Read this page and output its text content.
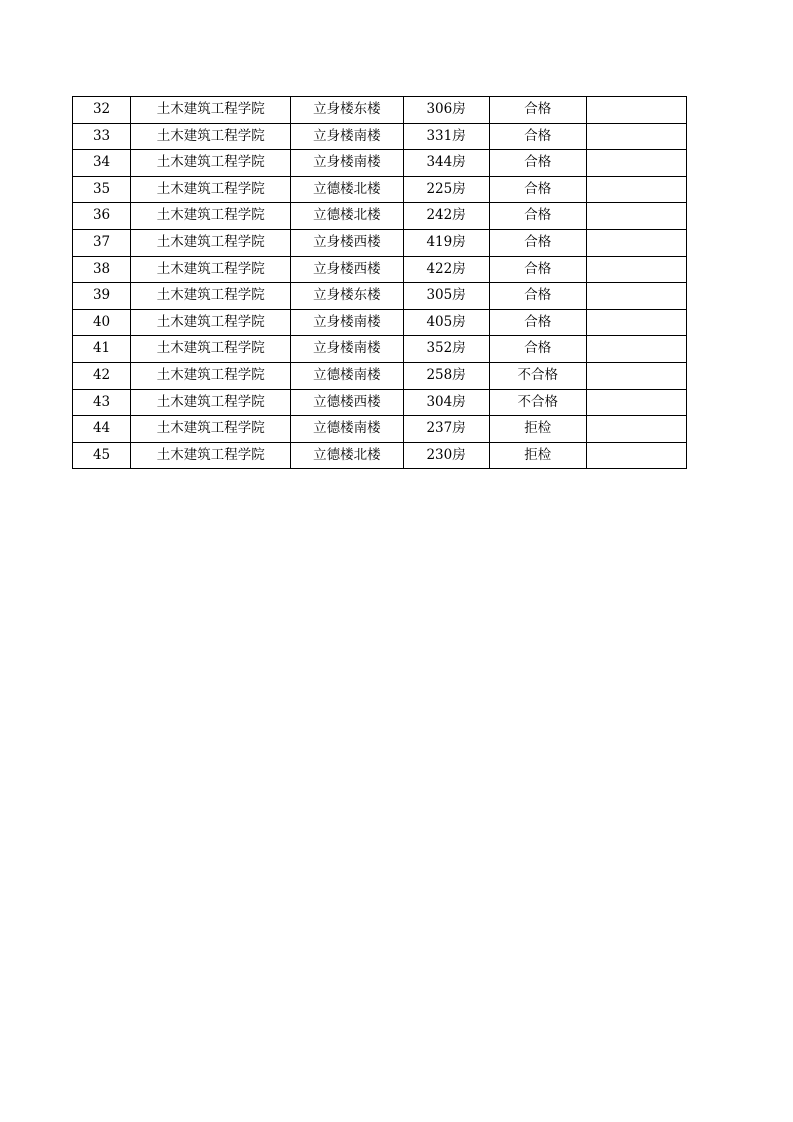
32	土木建筑工程学院	立身楼东楼	306房	合格	
33	土木建筑工程学院	立身楼南楼	331房	合格	
34	土木建筑工程学院	立身楼南楼	344房	合格	
35	土木建筑工程学院	立德楼北楼	225房	合格	
36	土木建筑工程学院	立德楼北楼	242房	合格	
37	土木建筑工程学院	立身楼西楼	419房	合格	
38	土木建筑工程学院	立身楼西楼	422房	合格	
39	土木建筑工程学院	立身楼东楼	305房	合格	
40	土木建筑工程学院	立身楼南楼	405房	合格	
41	土木建筑工程学院	立身楼南楼	352房	合格	
42	土木建筑工程学院	立德楼南楼	258房	不合格	
43	土木建筑工程学院	立德楼西楼	304房	不合格	
44	土木建筑工程学院	立德楼南楼	237房	拒检	
45	土木建筑工程学院	立德楼北楼	230房	拒检	
